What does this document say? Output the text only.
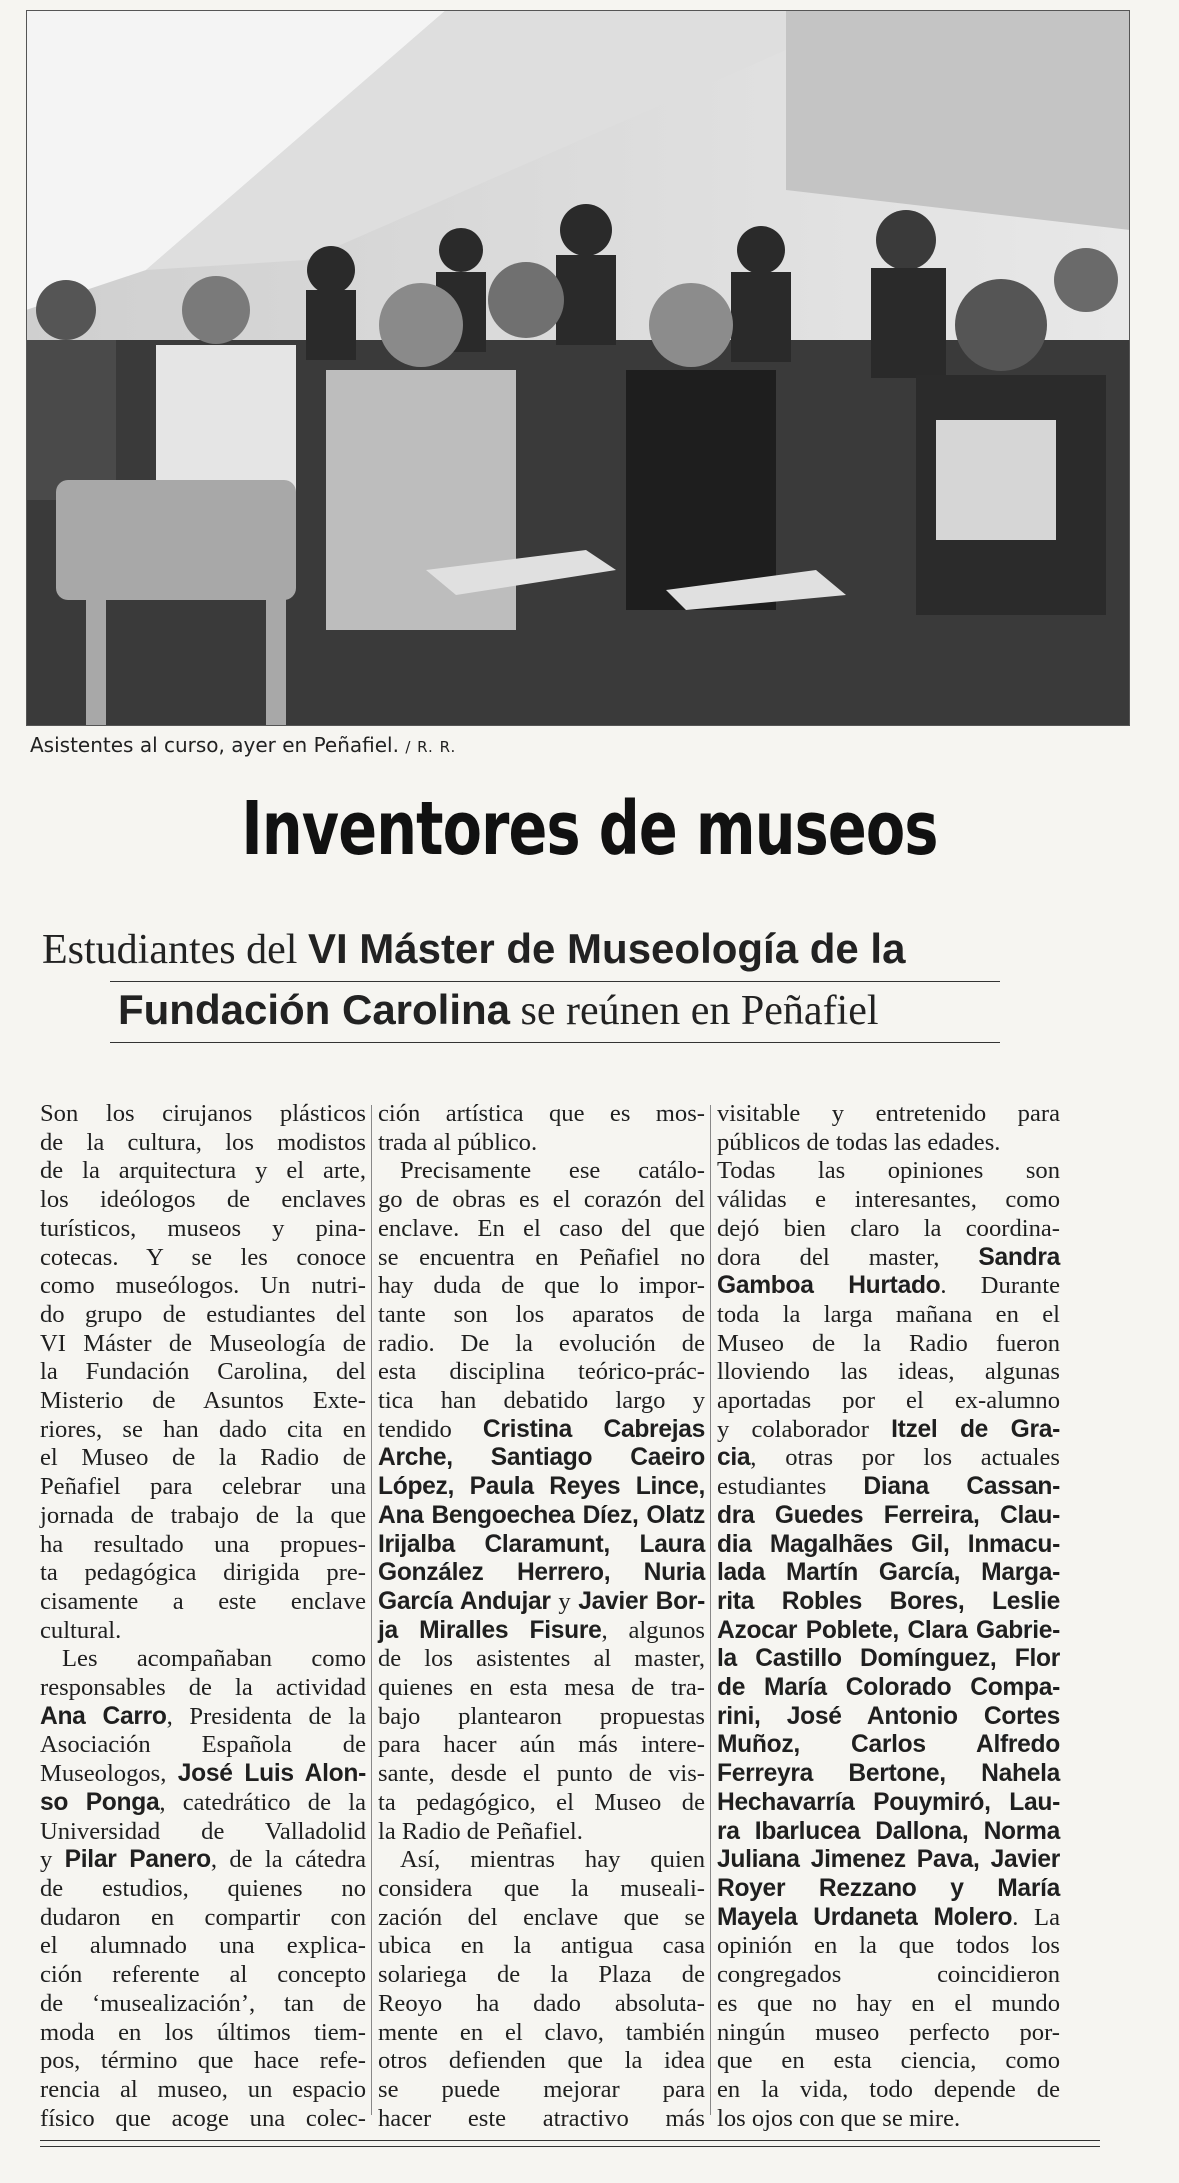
Asistentes al curso, ayer en Peñafiel. / R. R.
Inventores de museos
Estudiantes del VI Máster de Museología de la
Fundación Carolina se reúnen en Peñafiel
Son los cirujanos plásticos
de la cultura, los modistos
de la arquitectura y el arte,
los ideólogos de enclaves
turísticos, museos y pina-
cotecas. Y se les conoce
como museólogos. Un nutri-
do grupo de estudiantes del
VI Máster de Museología de
la Fundación Carolina, del
Misterio de Asuntos Exte-
riores, se han dado cita en
el Museo de la Radio de
Peñafiel para celebrar una
jornada de trabajo de la que
ha resultado una propues-
ta pedagógica dirigida pre-
cisamente a este enclave
cultural.
Les acompañaban como
responsables de la actividad
Ana Carro, Presidenta de la
Asociación Española de
Museologos, José Luis Alon-
so Ponga, catedrático de la
Universidad de Valladolid
y Pilar Panero, de la cátedra
de estudios, quienes no
dudaron en compartir con
el alumnado una explica-
ción referente al concepto
de ‘musealización’, tan de
moda en los últimos tiem-
pos, término que hace refe-
rencia al museo, un espacio
físico que acoge una colec-
ción artística que es mos-
trada al público.
Precisamente ese catálo-
go de obras es el corazón del
enclave. En el caso del que
se encuentra en Peñafiel no
hay duda de que lo impor-
tante son los aparatos de
radio. De la evolución de
esta disciplina teórico-prác-
tica han debatido largo y
tendido Cristina Cabrejas
Arche, Santiago Caeiro
López, Paula Reyes Lince,
Ana Bengoechea Díez, Olatz
Irijalba Claramunt, Laura
González Herrero, Nuria
García Andujar y Javier Bor-
ja Miralles Fisure, algunos
de los asistentes al master,
quienes en esta mesa de tra-
bajo plantearon propuestas
para hacer aún más intere-
sante, desde el punto de vis-
ta pedagógico, el Museo de
la Radio de Peñafiel.
Así, mientras hay quien
considera que la museali-
zación del enclave que se
ubica en la antigua casa
solariega de la Plaza de
Reoyo ha dado absoluta-
mente en el clavo, también
otros defienden que la idea
se puede mejorar para
hacer este atractivo más
visitable y entretenido para
públicos de todas las edades.
Todas las opiniones son
válidas e interesantes, como
dejó bien claro la coordina-
dora del master, Sandra
Gamboa Hurtado. Durante
toda la larga mañana en el
Museo de la Radio fueron
lloviendo las ideas, algunas
aportadas por el ex-alumno
y colaborador Itzel de Gra-
cia, otras por los actuales
estudiantes Diana Cassan-
dra Guedes Ferreira, Clau-
dia Magalhães Gil, Inmacu-
lada Martín García, Marga-
rita Robles Bores, Leslie
Azocar Poblete, Clara Gabrie-
la Castillo Domínguez, Flor
de María Colorado Compa-
rini, José Antonio Cortes
Muñoz, Carlos Alfredo
Ferreyra Bertone, Nahela
Hechavarría Pouymiró, Lau-
ra Ibarlucea Dallona, Norma
Juliana Jimenez Pava, Javier
Royer Rezzano y María
Mayela Urdaneta Molero. La
opinión en la que todos los
congregados coincidieron
es que no hay en el mundo
ningún museo perfecto por-
que en esta ciencia, como
en la vida, todo depende de
los ojos con que se mire.
